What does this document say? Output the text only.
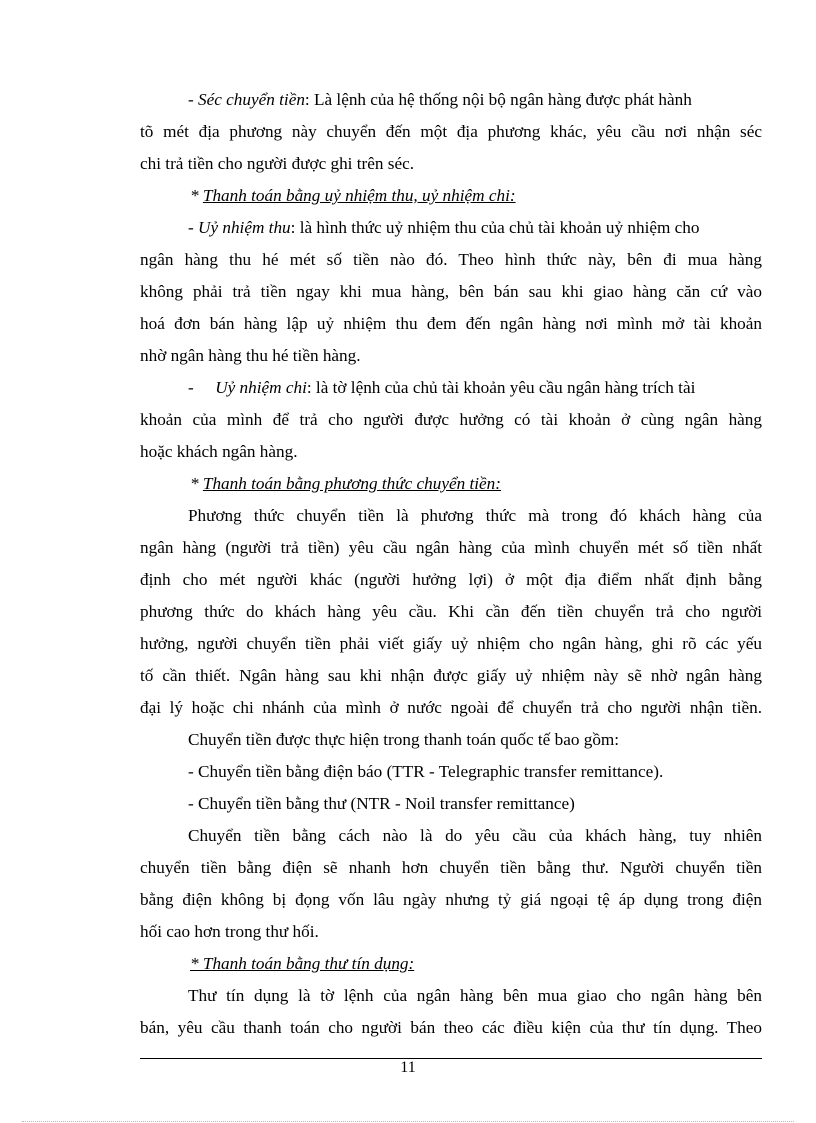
- Séc chuyển tiền: Là lệnh của hệ thống nội bộ ngân hàng được phát hành
tõ mét địa phương này chuyển đến một địa phương khác, yêu cầu nơi nhận séc
chi trả tiền cho người được ghi trên séc.
* Thanh toán bằng uỷ nhiệm thu, uỷ nhiệm chi:
- Uỷ nhiệm thu: là hình thức uỷ nhiệm thu của chủ tài khoản uỷ nhiệm cho
ngân hàng thu hé mét số tiền nào đó. Theo hình thức này, bên đi mua hàng
không phải trả tiền ngay khi mua hàng, bên bán sau khi giao hàng căn cứ vào
hoá đơn bán hàng lập uỷ nhiệm thu đem đến ngân hàng nơi mình mở tài khoản
nhờ ngân hàng thu hé tiền hàng.
-     Uỷ nhiệm chi: là tờ lệnh của chủ tài khoản yêu cầu ngân hàng trích tài
khoản của mình để trả cho người được hưởng có tài khoản ở cùng ngân hàng
hoặc khách ngân hàng.
* Thanh toán bằng phương thức chuyển tiền:
Phương thức chuyển tiền là phương thức mà trong đó khách hàng của
ngân hàng (người trả tiền) yêu cầu ngân hàng của mình chuyển mét số tiền nhất
định cho mét người khác (người hưởng lợi) ở một địa điểm nhất định bằng
phương thức do khách hàng yêu cầu. Khi cần đến tiền chuyển trả cho người
hưởng, người chuyển tiền phải viết giấy uỷ nhiệm cho ngân hàng, ghi rõ các yếu
tố cần thiết. Ngân hàng sau khi nhận được giấy uỷ nhiệm này sẽ nhờ ngân hàng
đại lý hoặc chi nhánh của mình ở nước ngoài để chuyển trả cho người nhận tiền.
Chuyển tiền được thực hiện trong thanh toán quốc tế bao gồm:
- Chuyển tiền bằng điện báo (TTR - Telegraphic transfer remittance).
- Chuyển tiền bằng thư (NTR - Noil transfer remittance)
Chuyển tiền bằng cách nào là do yêu cầu của khách hàng, tuy nhiên
chuyển tiền bằng điện sẽ nhanh hơn chuyển tiền bằng thư. Người chuyển tiền
bằng điện không bị đọng vốn lâu ngày nhưng tỷ giá ngoại tệ áp dụng trong điện
hối cao hơn trong thư hối.
* Thanh toán bằng thư tín dụng:
Thư tín dụng là tờ lệnh của ngân hàng bên mua giao cho ngân hàng bên
bán, yêu cầu thanh toán cho người bán theo các điều kiện của thư tín dụng. Theo
11
